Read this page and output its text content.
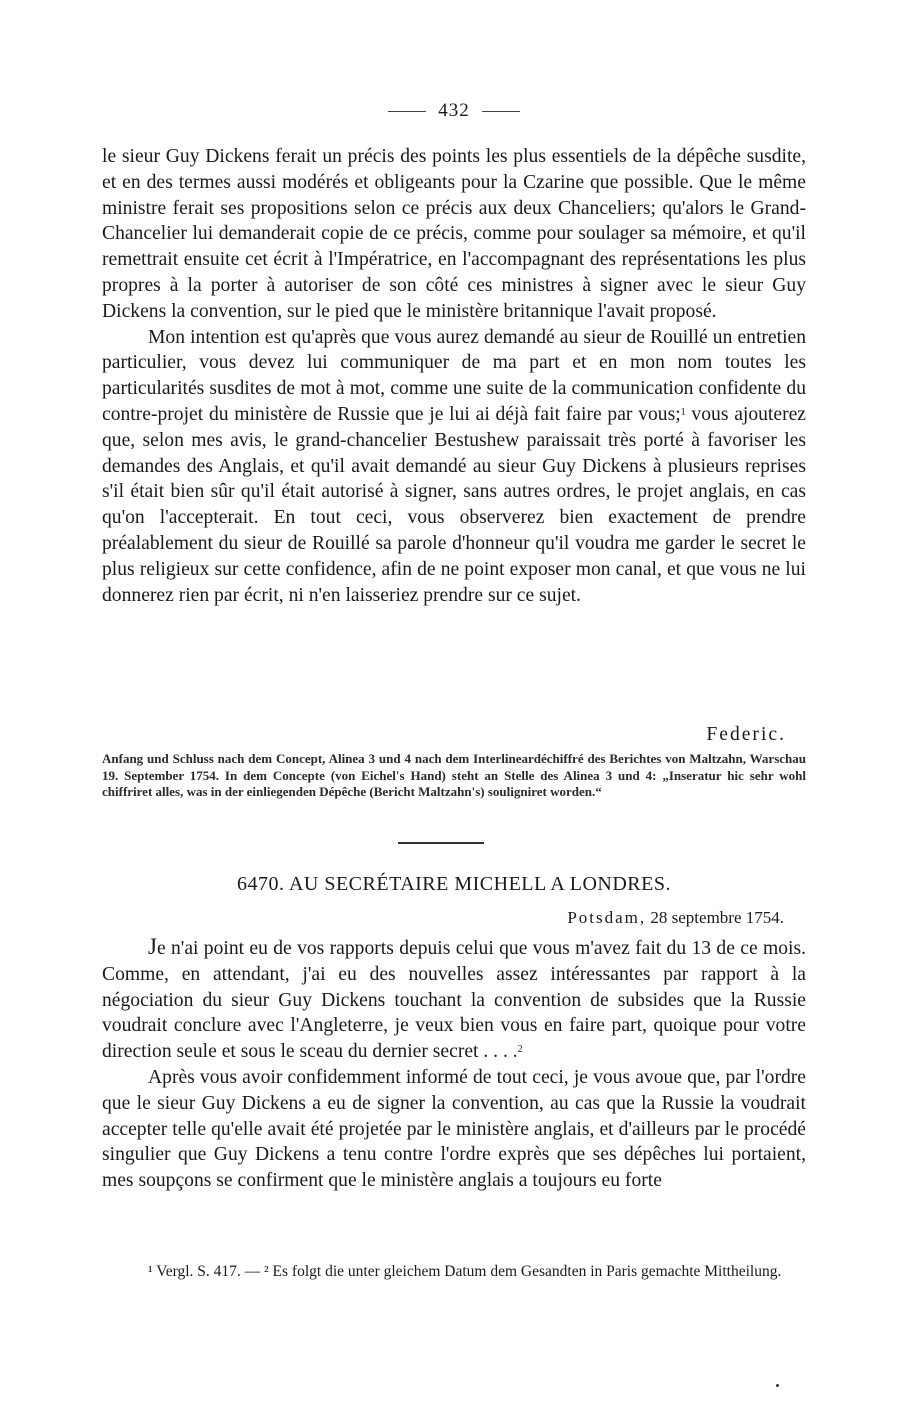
432

le sieur Guy Dickens ferait un précis des points les plus essentiels de la dépêche susdite, et en des termes aussi modérés et obligeants pour la Czarine que possible. Que le même ministre ferait ses propositions selon ce précis aux deux Chanceliers; qu'alors le Grand-Chancelier lui demanderait copie de ce précis, comme pour soulager sa mémoire, et qu'il remettrait ensuite cet écrit à l'Impératrice, en l'accompagnant des représentations les plus propres à la porter à autoriser de son côté ces ministres à signer avec le sieur Guy Dickens la convention, sur le pied que le ministère britannique l'avait proposé.

Mon intention est qu'après que vous aurez demandé au sieur de Rouillé un entretien particulier, vous devez lui communiquer de ma part et en mon nom toutes les particularités susdites de mot à mot, comme une suite de la communication confidente du contre-projet du ministère de Russie que je lui ai déjà fait faire par vous;$^1$ vous ajouterez que, selon mes avis, le grand-chancelier Bestushew paraissait très porté à favoriser les demandes des Anglais, et qu'il avait demandé au sieur Guy Dickens à plusieurs reprises s'il était bien sûr qu'il était autorisé à signer, sans autres ordres, le projet anglais, en cas qu'on l'accepterait. En tout ceci, vous observerez bien exactement de prendre préalablement du sieur de Rouillé sa parole d'honneur qu'il voudra me garder le secret le plus religieux sur cette confidence, afin de ne point exposer mon canal, et que vous ne lui donnerez rien par écrit, ni n'en laisseriez prendre sur ce sujet.

Federic.
Anfang und Schluss nach dem Concept, Alinea 3 und 4 nach dem Interlineardéchiffré des Berichtes von Maltzahn, Warschau 19. September 1754. In dem Concepte (von Eichel's Hand) steht an Stelle des Alinea 3 und 4: „Inseratur hic sehr wohl chiffriret alles, was in der einliegenden Dépêche (Bericht Maltzahn's) souligniret worden.“
6470. AU SECRÉTAIRE MICHELL A LONDRES.
Potsdam, 28 septembre 1754.

Je n'ai point eu de vos rapports depuis celui que vous m'avez fait du 13 de ce mois. Comme, en attendant, j'ai eu des nouvelles assez intéressantes par rapport à la négociation du sieur Guy Dickens touchant la convention de subsides que la Russie voudrait conclure avec l'Angleterre, je veux bien vous en faire part, quoique pour votre direction seule et sous le sceau du dernier secret . . . .$^2$

Après vous avoir confidemment informé de tout ceci, je vous avoue que, par l'ordre que le sieur Guy Dickens a eu de signer la convention, au cas que la Russie la voudrait accepter telle qu'elle avait été projetée par le ministère anglais, et d'ailleurs par le procédé singulier que Guy Dickens a tenu contre l'ordre exprès que ses dépêches lui portaient, mes soupçons se confirment que le ministère anglais a toujours eu forte

¹ Vergl. S. 417. — ² Es folgt die unter gleichem Datum dem Gesandten in Paris gemachte Mittheilung.
